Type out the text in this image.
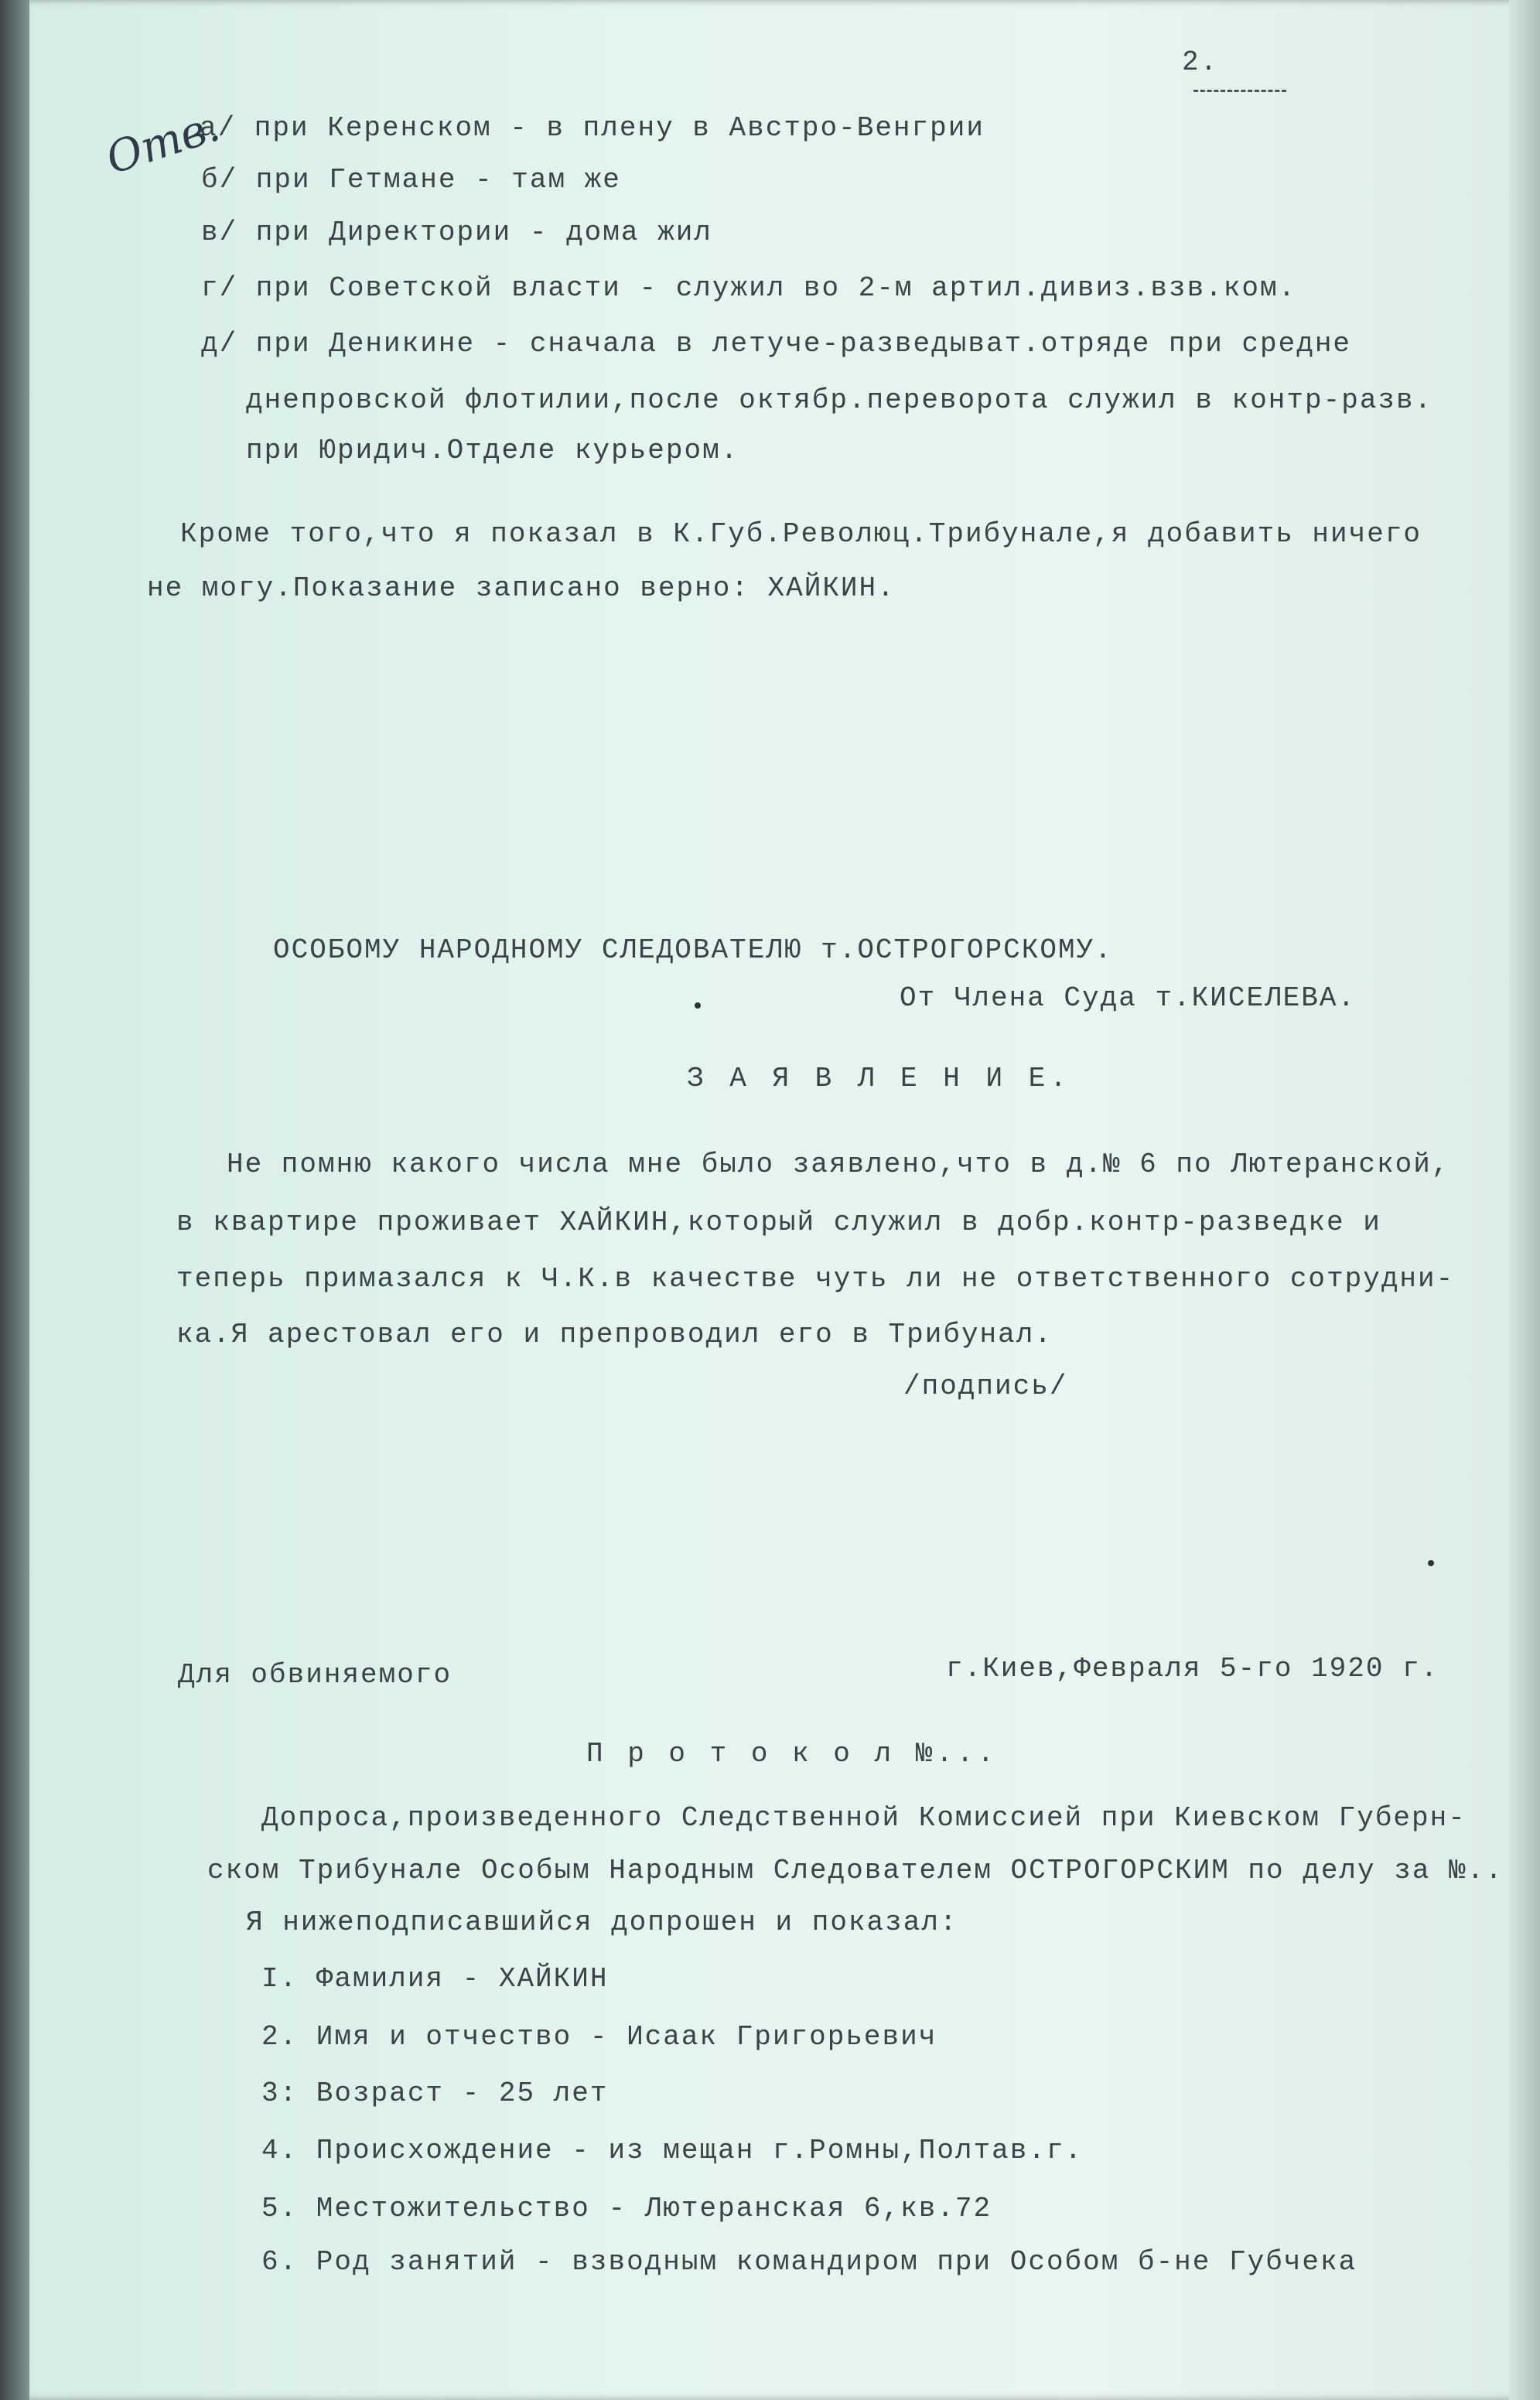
2.
Отв.
а/ при Керенском - в плену в Австро-Венгрии
б/ при Гетмане - там же
в/ при Директории - дома жил
г/ при Советской власти - служил во 2-м артил.дивиз.взв.ком.
д/ при Деникине - сначала в летуче-разведыват.отряде при средне
днепровской флотилии,после октябр.переворота служил в контр-разв.
при Юридич.Отделе курьером.
Кроме того,что я показал в К.Губ.Революц.Трибунале,я добавить ничего
не могу.Показание записано верно: ХАЙКИН.
ОСОБОМУ НАРОДНОМУ СЛЕДОВАТЕЛЮ т.ОСТРОГОРСКОМУ.
От Члена Суда т.КИСЕЛЕВА.
З А Я В Л Е Н И Е.
Не помню какого числа мне было заявлено,что в д.№ 6 по Лютеранской,
в квартире проживает ХАЙКИН,который служил в добр.контр-разведке и
теперь примазался к Ч.К.в качестве чуть ли не ответственного сотрудни-
ка.Я арестовал его и препроводил его в Трибунал.
/подпись/
Для обвиняемого	г.Киев,Февраля 5-го 1920 г.
П р о т о к о л №...
Допроса,произведенного Следственной Комиссией при Киевском Губерн-
ском Трибунале Особым Народным Следователем ОСТРОГОРСКИМ по делу за №..
Я нижеподписавшийся допрошен и показал:
I. Фамилия - ХАЙКИН
2. Имя и отчество - Исаак Григорьевич
3: Возраст - 25 лет
4. Происхождение - из мещан г.Ромны,Полтав.г.
5. Местожительство - Лютеранская 6,кв.72
6. Род занятий - взводным командиром при Особом б-не Губчека
